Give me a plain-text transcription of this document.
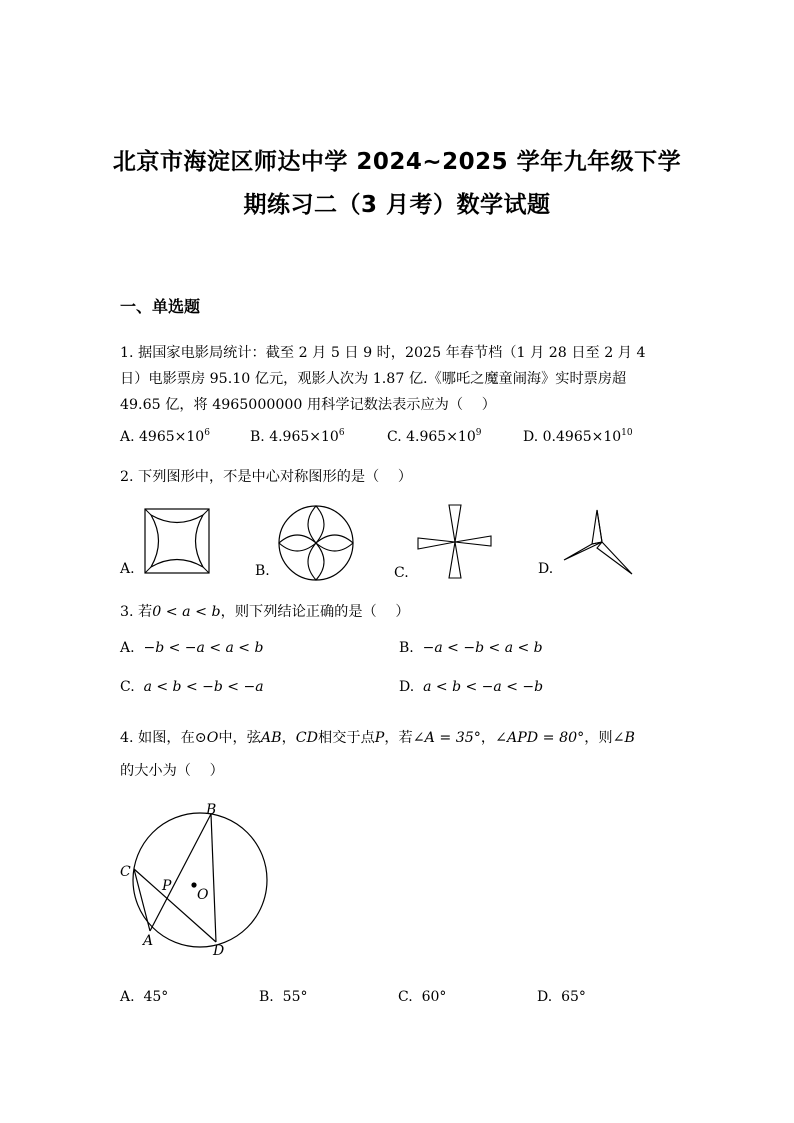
北京市海淀区师达中学 2024~2025 学年九年级下学
期练习二（3 月考）数学试题
一、单选题
1. 据国家电影局统计：截至 2 月 5 日 9 时，2025 年春节档（1 月 28 日至 2 月 4
日）电影票房 95.10 亿元，观影人次为 1.87 亿.《哪吒之魔童闹海》实时票房超
49.65 亿，将 4965000000 用科学记数法表示应为（　 ）
A. $4965\times 10^6$	B. $4.965\times 10^6$	C. $4.965\times 10^9$	D. $0.4965\times 10^{10}$
2. 下列图形中，不是中心对称图形的是（　 ）
A.	B.	C.	D.
3. 若0 < a < b，则下列结论正确的是（　 ）
A. −b < −a < a < b	B. −a < −b < a < b
C. a < b < −b < −a	D. a < b < −a < −b
4. 如图，在⊙O中，弦AB，CD相交于点P，若∠A = 35°，∠APD = 80°，则∠B
的大小为（　 ）
B
C
P
O
A
D
A. 45°	B. 55°	C. 60°	D. 65°
